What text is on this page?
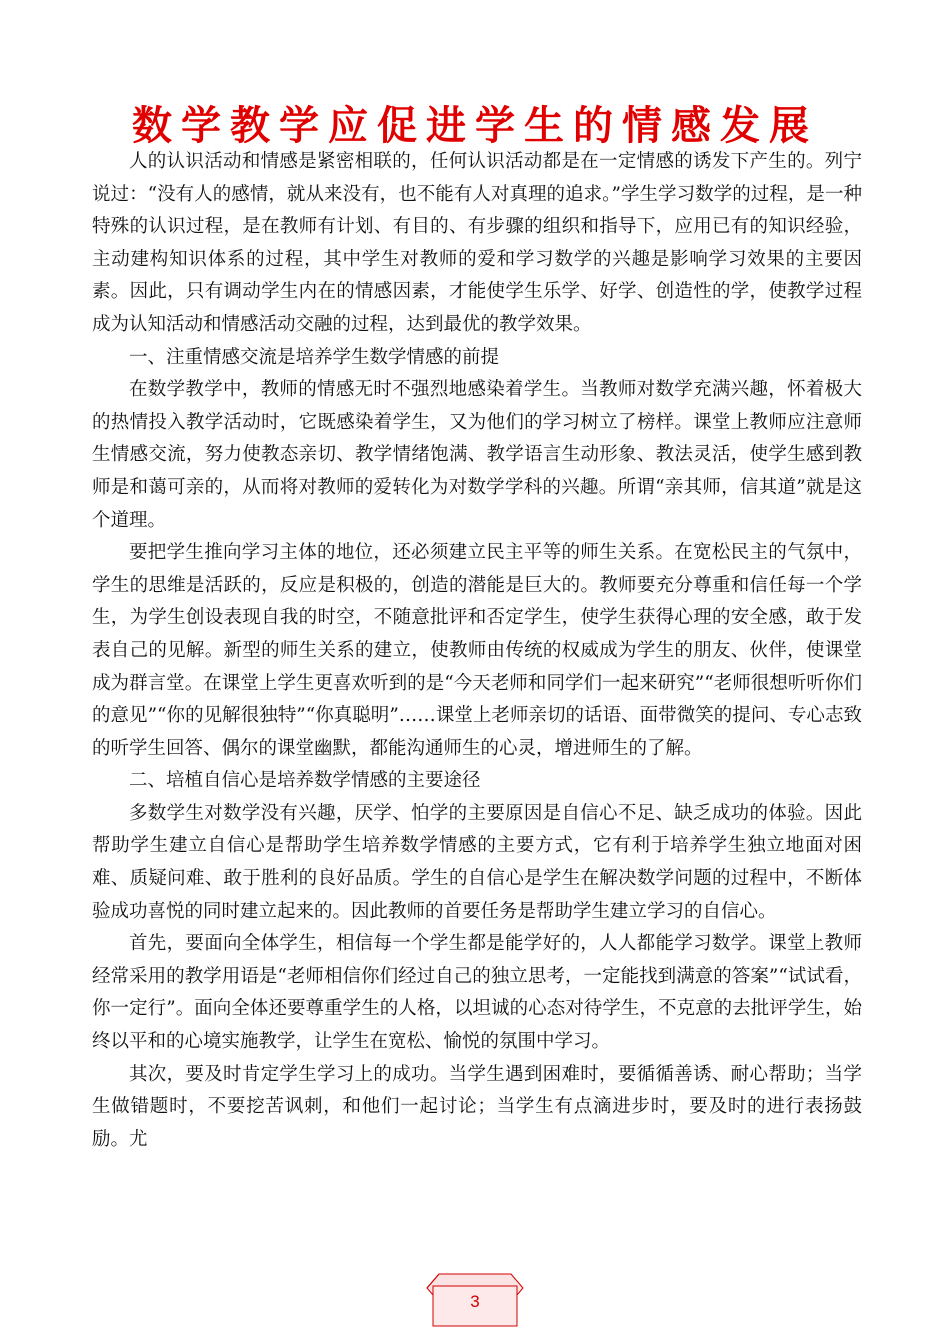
数学教学应促进学生的情感发展

人的认识活动和情感是紧密相联的，任何认识活动都是在一定情感的诱发下产生的。列宁说过：“没有人的感情，就从来没有，也不能有人对真理的追求。”学生学习数学的过程，是一种特殊的认识过程，是在教师有计划、有目的、有步骤的组织和指导下，应用已有的知识经验，主动建构知识体系的过程，其中学生对教师的爱和学习数学的兴趣是影响学习效果的主要因素。因此，只有调动学生内在的情感因素，才能使学生乐学、好学、创造性的学，使教学过程成为认知活动和情感活动交融的过程，达到最优的教学效果。

一、注重情感交流是培养学生数学情感的前提

在数学教学中，教师的情感无时不强烈地感染着学生。当教师对数学充满兴趣，怀着极大的热情投入教学活动时，它既感染着学生，又为他们的学习树立了榜样。课堂上教师应注意师生情感交流，努力使教态亲切、教学情绪饱满、教学语言生动形象、教法灵活，使学生感到教师是和蔼可亲的，从而将对教师的爱转化为对数学学科的兴趣。所谓“亲其师，信其道”就是这个道理。

要把学生推向学习主体的地位，还必须建立民主平等的师生关系。在宽松民主的气氛中，学生的思维是活跃的，反应是积极的，创造的潜能是巨大的。教师要充分尊重和信任每一个学生，为学生创设表现自我的时空，不随意批评和否定学生，使学生获得心理的安全感，敢于发表自己的见解。新型的师生关系的建立，使教师由传统的权威成为学生的朋友、伙伴，使课堂成为群言堂。在课堂上学生更喜欢听到的是“今天老师和同学们一起来研究”“老师很想听听你们的意见”“你的见解很独特”“你真聪明”……课堂上老师亲切的话语、面带微笑的提问、专心志致的听学生回答、偶尔的课堂幽默，都能沟通师生的心灵，增进师生的了解。

二、培植自信心是培养数学情感的主要途径

多数学生对数学没有兴趣，厌学、怕学的主要原因是自信心不足、缺乏成功的体验。因此帮助学生建立自信心是帮助学生培养数学情感的主要方式，它有利于培养学生独立地面对困难、质疑问难、敢于胜利的良好品质。学生的自信心是学生在解决数学问题的过程中，不断体验成功喜悦的同时建立起来的。因此教师的首要任务是帮助学生建立学习的自信心。

首先，要面向全体学生，相信每一个学生都是能学好的，人人都能学习数学。课堂上教师经常采用的教学用语是“老师相信你们经过自己的独立思考，一定能找到满意的答案”“试试看，你一定行”。面向全体还要尊重学生的人格，以坦诚的心态对待学生，不克意的去批评学生，始终以平和的心境实施教学，让学生在宽松、愉悦的氛围中学习。

其次，要及时肯定学生学习上的成功。当学生遇到困难时，要循循善诱、耐心帮助；当学生做错题时，不要挖苦讽刺，和他们一起讨论；当学生有点滴进步时，要及时的进行表扬鼓励。尤

3
